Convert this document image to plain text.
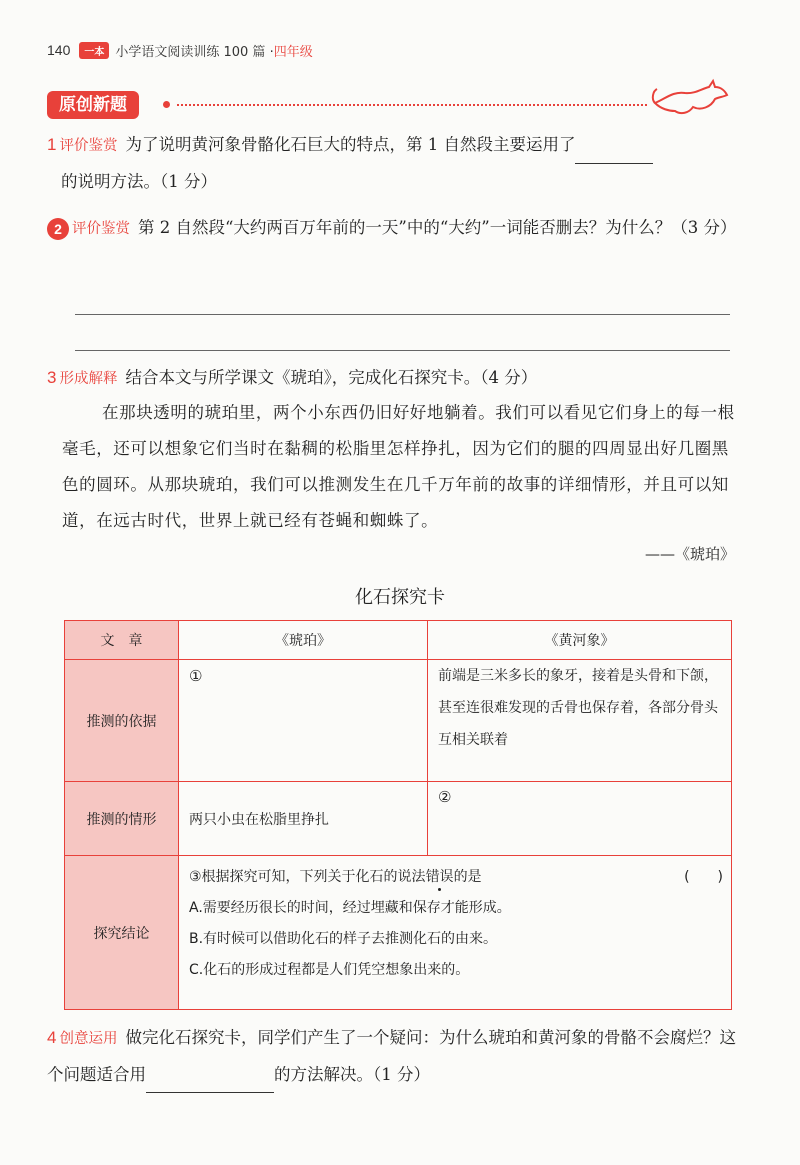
140	一本 小学语文阅读训练 100 篇 · 四年级
原创新题
1 评价鉴赏 为了说明黄河象骨骼化石巨大的特点，第 1 自然段主要运用了
的说明方法。（1 分）
2 评价鉴赏 第 2 自然段“大约两百万年前的一天”中的“大约”一词能否删去？为什么？（3 分）
3 形成解释 结合本文与所学课文《琥珀》，完成化石探究卡。（4 分）
在那块透明的琥珀里，两个小东西仍旧好好地躺着。我们可以看见它们身上的每一根毫毛，还可以想象它们当时在黏稠的松脂里怎样挣扎，因为它们的腿的四周显出好几圈黑色的圆环。从那块琥珀，我们可以推测发生在几千万年前的故事的详细情形，并且可以知道，在远古时代，世界上就已经有苍蝇和蜘蛛了。
——《琥珀》
化石探究卡
文　章	《琥珀》	《黄河象》
推测的依据	①	前端是三米多长的象牙，接着是头骨和下颌，甚至连很难发现的舌骨也保存着，各部分骨头互相关联着
推测的情形	两只小虫在松脂里挣扎	②
探究结论	③根据探究可知，下列关于化石的说法错误的是 (　　)
A.需要经历很长的时间，经过埋藏和保存才能形成。
B.有时候可以借助化石的样子去推测化石的由来。
C.化石的形成过程都是人们凭空想象出来的。	
4 创意运用 做完化石探究卡，同学们产生了一个疑问：为什么琥珀和黄河象的骨骼不会腐烂？这个问题适合用	的方法解决。（1 分）
